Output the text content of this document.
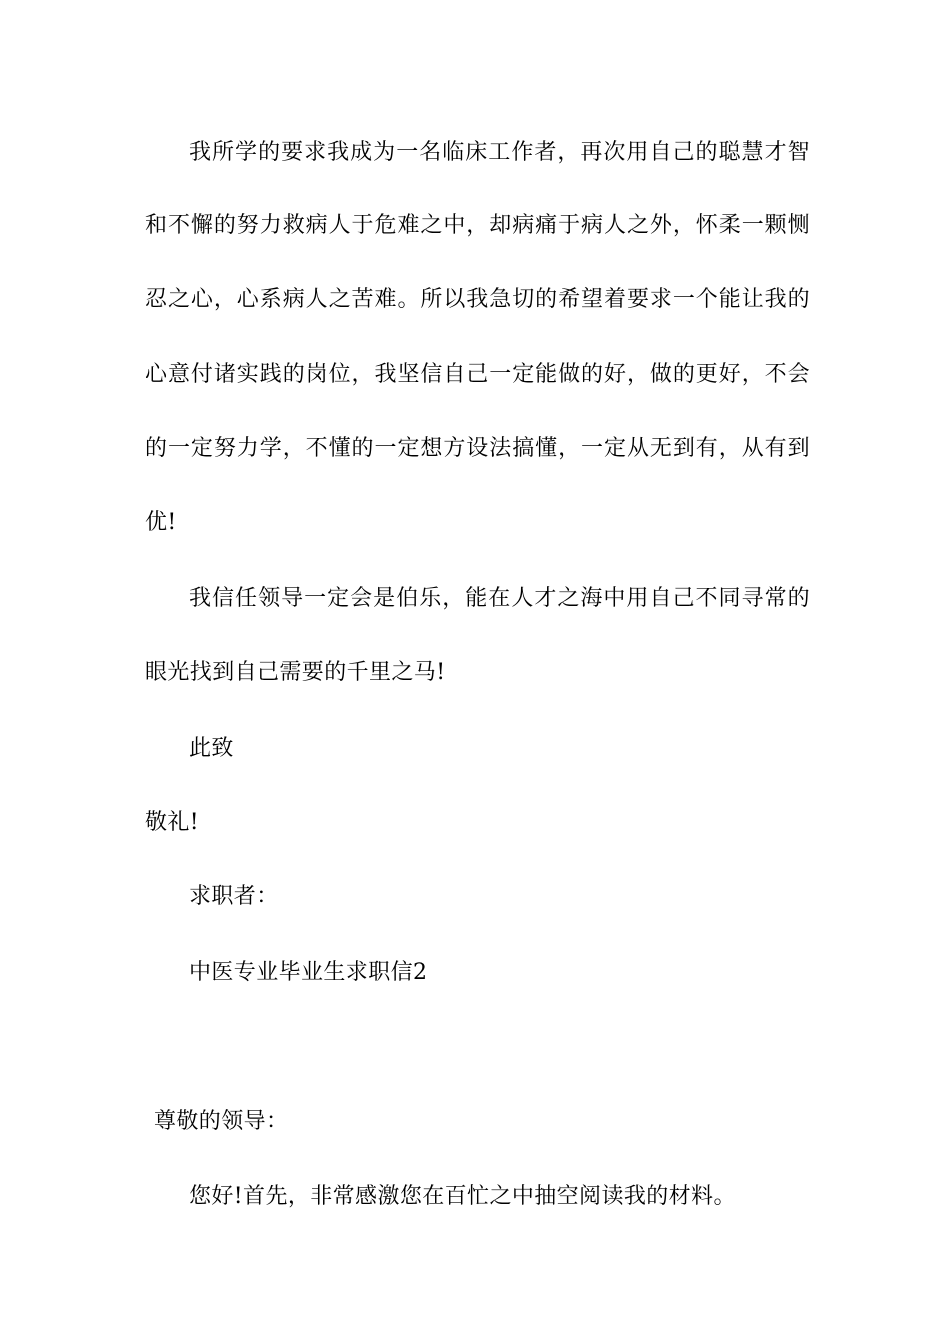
我所学的要求我成为一名临床工作者，再次用自己的聪慧才智
和不懈的努力救病人于危难之中，却病痛于病人之外，怀柔一颗恻
忍之心，心系病人之苦难。所以我急切的希望着要求一个能让我的
心意付诸实践的岗位，我坚信自己一定能做的好，做的更好，不会
的一定努力学，不懂的一定想方设法搞懂，一定从无到有，从有到
优!
我信任领导一定会是伯乐，能在人才之海中用自己不同寻常的
眼光找到自己需要的千里之马!
此致
敬礼!
求职者：
中医专业毕业生求职信2
尊敬的领导：
您好!首先，非常感激您在百忙之中抽空阅读我的材料。
